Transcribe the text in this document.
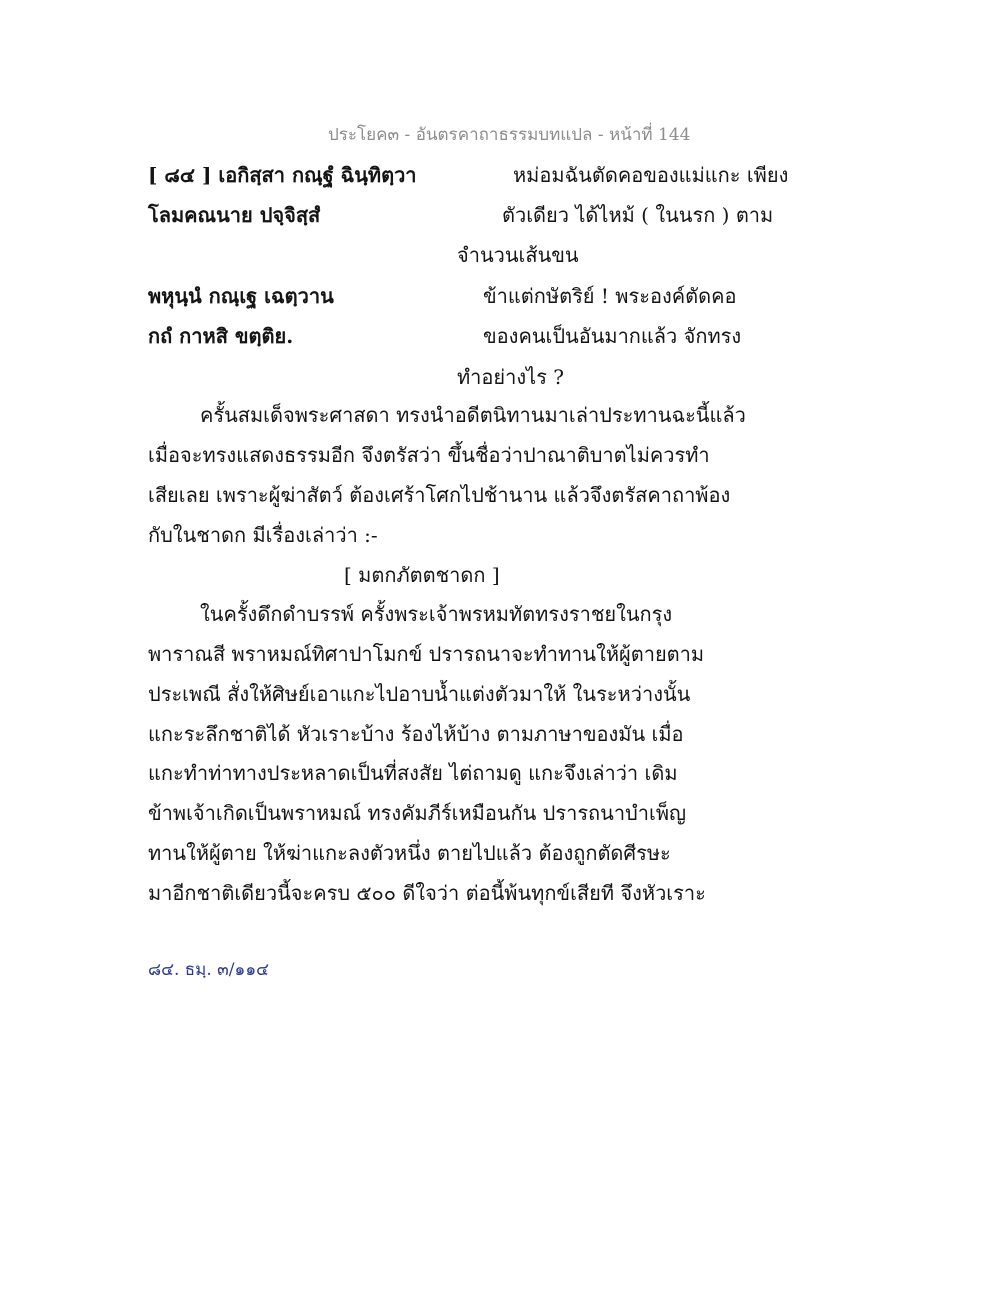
ประโยค๓ - อันตรคาถาธรรมบทแปล - หน้าที่ 144
[ ๘๔ ] เอกิสฺสา กณฺฐํ ฉินฺทิตฺวา	หม่อมฉันตัดคอของแม่แกะ เพียง
โลมคณนาย ปจฺจิสฺสํ	ตัวเดียว ได้ไหม้ ( ในนรก ) ตาม
จำนวนเส้นขน
พหุนฺนํ กณฺเฐ เฉตฺวาน	ข้าแต่กษัตริย์ ! พระองค์ตัดคอ
กถํ กาหสิ ขตฺติย.	ของคนเป็นอันมากแล้ว จักทรง
ทำอย่างไร ?
ครั้นสมเด็จพระศาสดา ทรงนำอดีตนิทานมาเล่าประทานฉะนี้แล้ว
เมื่อจะทรงแสดงธรรมอีก จึงตรัสว่า ขึ้นชื่อว่าปาณาติบาตไม่ควรทำ
เสียเลย เพราะผู้ฆ่าสัตว์ ต้องเศร้าโศกไปช้านาน แล้วจึงตรัสคาถาพ้อง
กับในชาดก มีเรื่องเล่าว่า :-
[ มตกภัตตชาดก ]
ในครั้งดึกดำบรรพ์ ครั้งพระเจ้าพรหมทัตทรงราชยในกรุง
พาราณสี พราหมณ์ทิศาปาโมกข์ ปรารถนาจะทำทานให้ผู้ตายตาม
ประเพณี สั่งให้ศิษย์เอาแกะไปอาบน้ำแต่งตัวมาให้ ในระหว่างนั้น
แกะระลึกชาติได้ หัวเราะบ้าง ร้องไห้บ้าง ตามภาษาของมัน เมื่อ
แกะทำท่าทางประหลาดเป็นที่สงสัย ไต่ถามดู แกะจึงเล่าว่า เดิม
ข้าพเจ้าเกิดเป็นพราหมณ์ ทรงคัมภีร์เหมือนกัน ปรารถนาบำเพ็ญ
ทานให้ผู้ตาย ให้ฆ่าแกะลงตัวหนึ่ง ตายไปแล้ว ต้องถูกตัดศีรษะ
มาอีกชาติเดียวนี้จะครบ ๕๐๐ ดีใจว่า ต่อนี้พ้นทุกข์เสียที จึงหัวเราะ
๘๔. ธมฺ. ๓/๑๑๔
